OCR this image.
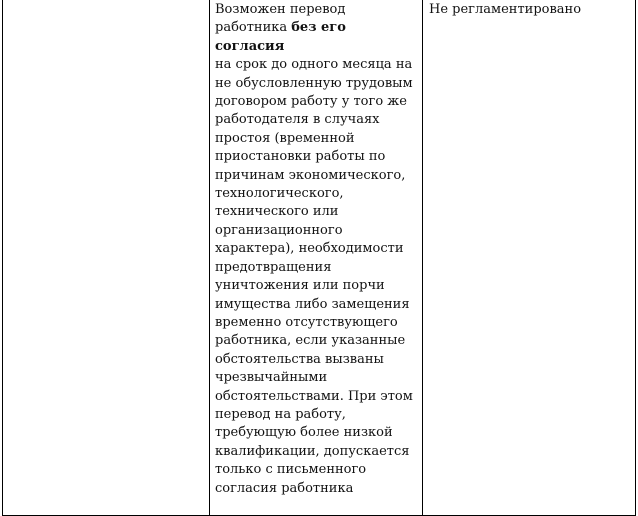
Возможен перевод
работника без его согласия
на срок до одного месяца на
не обусловленную трудовым
договором работу у того же
работодателя в случаях
простоя (временной
приостановки работы по
причинам экономического,
технологического,
технического или
организационного
характера), необходимости
предотвращения
уничтожения или порчи
имущества либо замещения
временно отсутствующего
работника, если указанные
обстоятельства вызваны
чрезвычайными
обстоятельствами. При этом
перевод на работу,
требующую более низкой
квалификации, допускается
только с письменного
согласия работника

Не регламентировано
